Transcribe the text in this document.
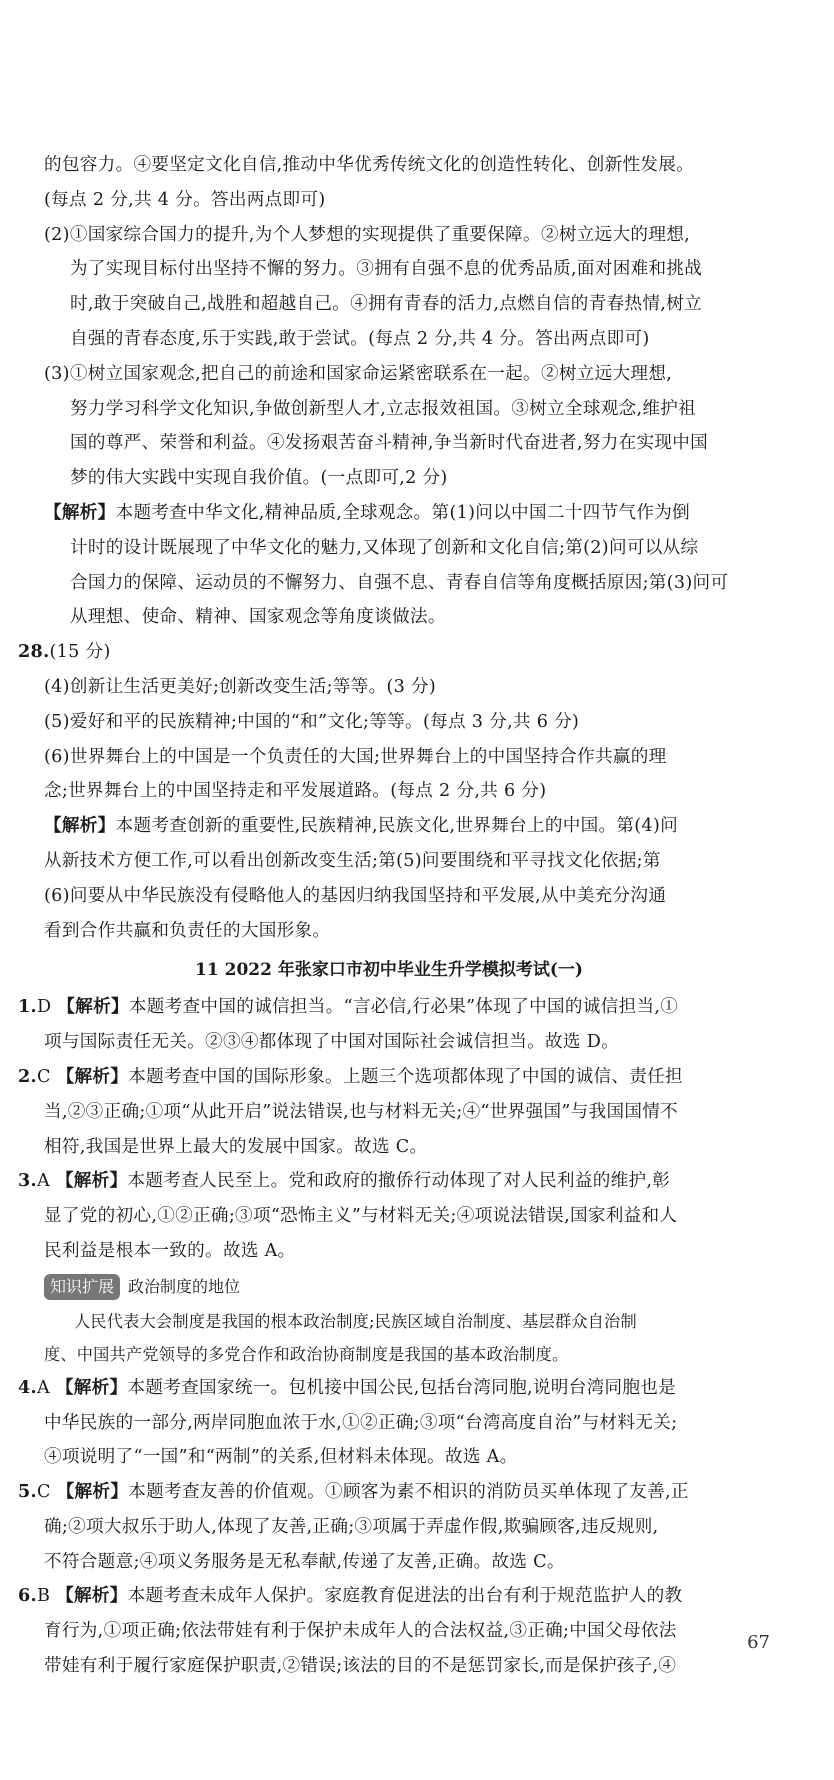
的包容力。④要坚定文化自信,推动中华优秀传统文化的创造性转化、创新性发展。
(每点 2 分,共 4 分。答出两点即可)
(2)①国家综合国力的提升,为个人梦想的实现提供了重要保障。②树立远大的理想,
为了实现目标付出坚持不懈的努力。③拥有自强不息的优秀品质,面对困难和挑战
时,敢于突破自己,战胜和超越自己。④拥有青春的活力,点燃自信的青春热情,树立
自强的青春态度,乐于实践,敢于尝试。(每点 2 分,共 4 分。答出两点即可)
(3)①树立国家观念,把自己的前途和国家命运紧密联系在一起。②树立远大理想,
努力学习科学文化知识,争做创新型人才,立志报效祖国。③树立全球观念,维护祖
国的尊严、荣誉和利益。④发扬艰苦奋斗精神,争当新时代奋进者,努力在实现中国
梦的伟大实践中实现自我价值。(一点即可,2 分)
【解析】本题考查中华文化,精神品质,全球观念。第(1)问以中国二十四节气作为倒
计时的设计既展现了中华文化的魅力,又体现了创新和文化自信;第(2)问可以从综
合国力的保障、运动员的不懈努力、自强不息、青春自信等角度概括原因;第(3)问可
从理想、使命、精神、国家观念等角度谈做法。
28.(15 分)
(4)创新让生活更美好;创新改变生活;等等。(3 分)
(5)爱好和平的民族精神;中国的“和”文化;等等。(每点 3 分,共 6 分)
(6)世界舞台上的中国是一个负责任的大国;世界舞台上的中国坚持合作共赢的理
念;世界舞台上的中国坚持走和平发展道路。(每点 2 分,共 6 分)
【解析】本题考查创新的重要性,民族精神,民族文化,世界舞台上的中国。第(4)问
从新技术方便工作,可以看出创新改变生活;第(5)问要围绕和平寻找文化依据;第
(6)问要从中华民族没有侵略他人的基因归纳我国坚持和平发展,从中美充分沟通
看到合作共赢和负责任的大国形象。
11 2022 年张家口市初中毕业生升学模拟考试(一)
1.D 【解析】本题考查中国的诚信担当。“言必信,行必果”体现了中国的诚信担当,①
项与国际责任无关。②③④都体现了中国对国际社会诚信担当。故选 D。
2.C 【解析】本题考查中国的国际形象。上题三个选项都体现了中国的诚信、责任担
当,②③正确;①项“从此开启”说法错误,也与材料无关;④“世界强国”与我国国情不
相符,我国是世界上最大的发展中国家。故选 C。
3.A 【解析】本题考查人民至上。党和政府的撤侨行动体现了对人民利益的维护,彰
显了党的初心,①②正确;③项“恐怖主义”与材料无关;④项说法错误,国家利益和人
民利益是根本一致的。故选 A。
知识扩展 政治制度的地位
人民代表大会制度是我国的根本政治制度;民族区域自治制度、基层群众自治制
度、中国共产党领导的多党合作和政治协商制度是我国的基本政治制度。
4.A 【解析】本题考查国家统一。包机接中国公民,包括台湾同胞,说明台湾同胞也是
中华民族的一部分,两岸同胞血浓于水,①②正确;③项“台湾高度自治”与材料无关;
④项说明了“一国”和“两制”的关系,但材料未体现。故选 A。
5.C 【解析】本题考查友善的价值观。①顾客为素不相识的消防员买单体现了友善,正
确;②项大叔乐于助人,体现了友善,正确;③项属于弄虚作假,欺骗顾客,违反规则,
不符合题意;④项义务服务是无私奉献,传递了友善,正确。故选 C。
6.B 【解析】本题考查未成年人保护。家庭教育促进法的出台有利于规范监护人的教
育行为,①项正确;依法带娃有利于保护未成年人的合法权益,③正确;中国父母依法
带娃有利于履行家庭保护职责,②错误;该法的目的不是惩罚家长,而是保护孩子,④
67
